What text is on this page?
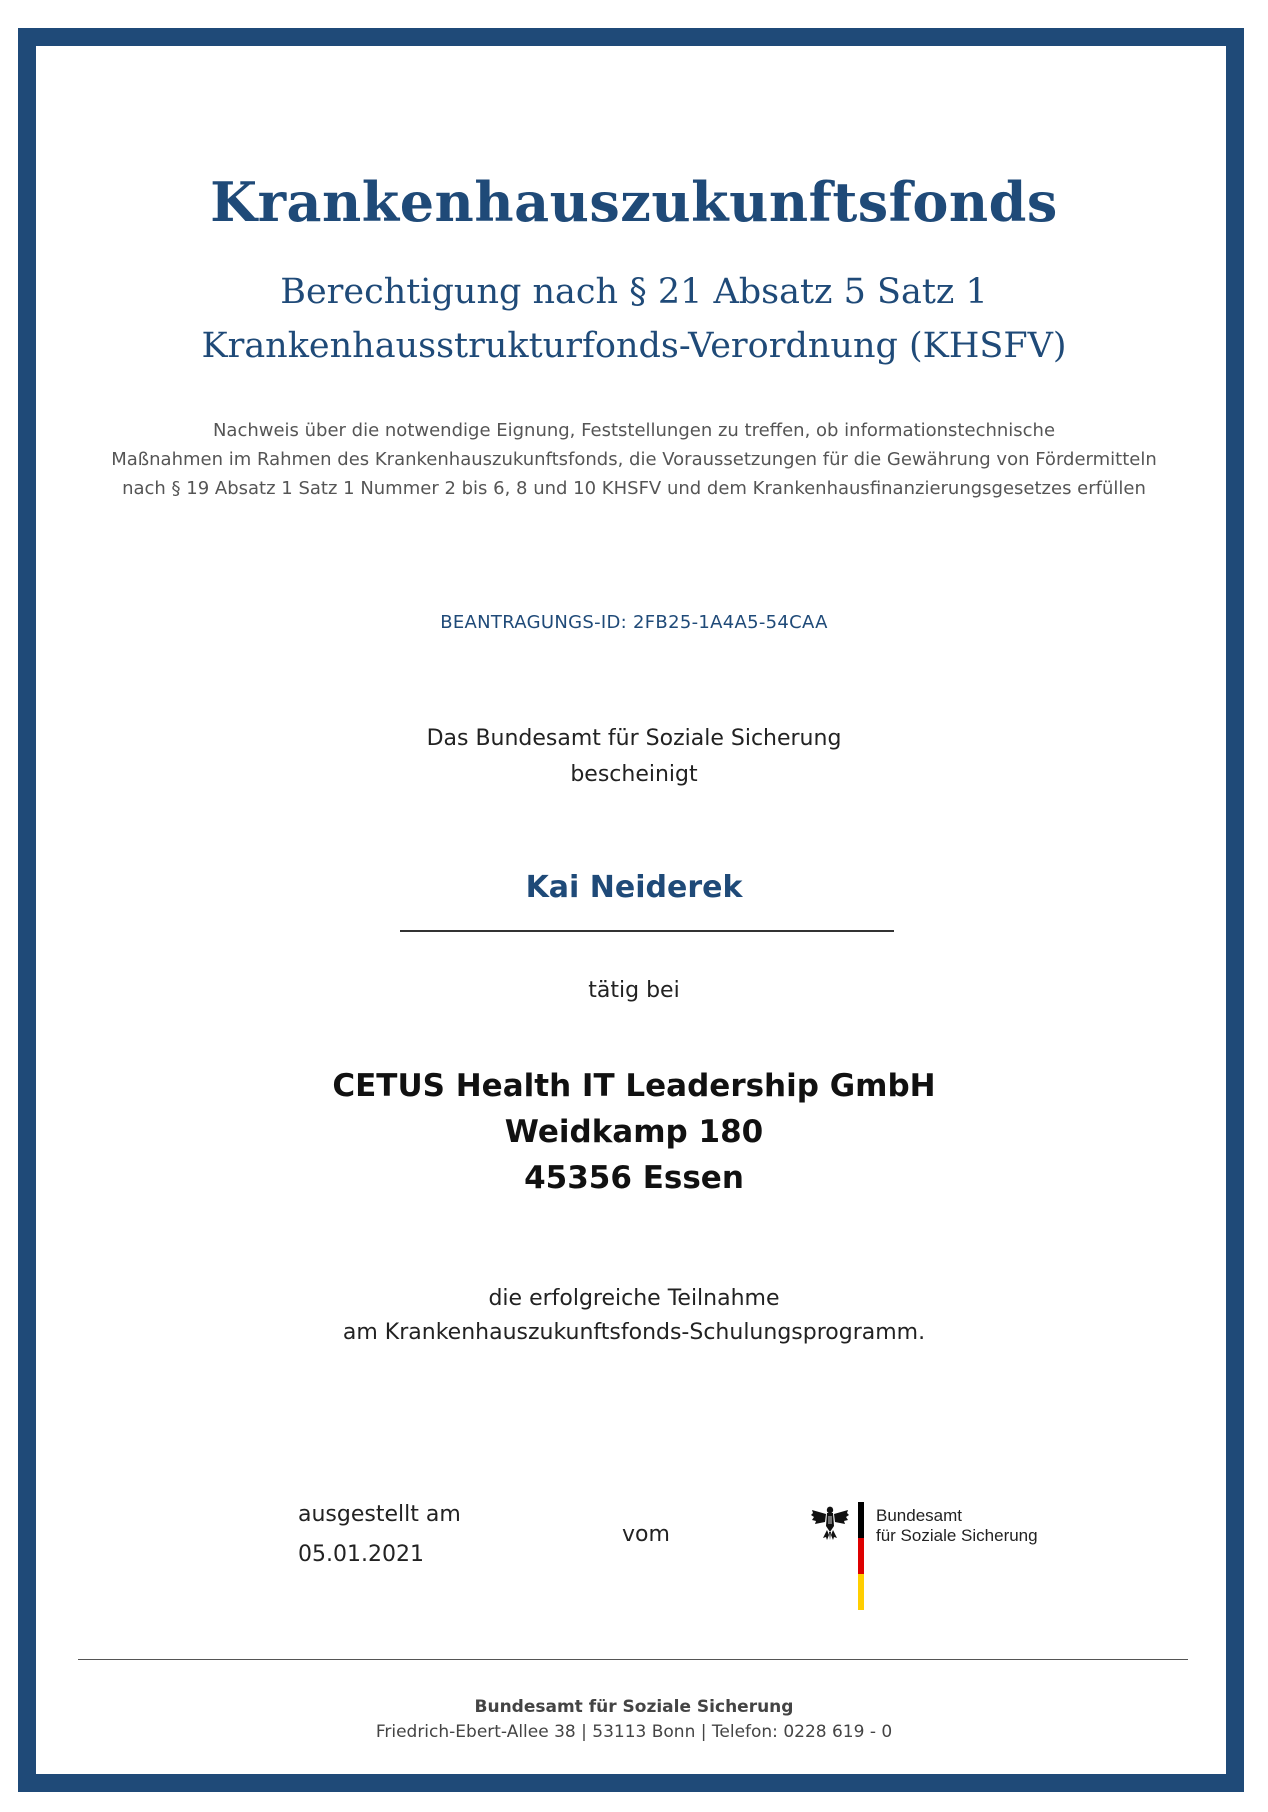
Krankenhauszukunftsfonds
Berechtigung nach § 21 Absatz 5 Satz 1
Krankenhausstrukturfonds-Verordnung (KHSFV)
Nachweis über die notwendige Eignung, Feststellungen zu treffen, ob informationstechnische
Maßnahmen im Rahmen des Krankenhauszukunftsfonds, die Voraussetzungen für die Gewährung von Fördermitteln
nach § 19 Absatz 1 Satz 1 Nummer 2 bis 6, 8 und 10 KHSFV und dem Krankenhausfinanzierungsgesetzes erfüllen
BEANTRAGUNGS-ID: 2FB25-1A4A5-54CAA
Das Bundesamt für Soziale Sicherung
bescheinigt
Kai Neiderek
tätig bei
CETUS Health IT Leadership GmbH
Weidkamp 180
45356 Essen
die erfolgreiche Teilnahme
am Krankenhauszukunftsfonds-Schulungsprogramm.
ausgestellt am
05.01.2021
vom
Bundesamt
für Soziale Sicherung
Bundesamt für Soziale Sicherung
Friedrich-Ebert-Allee 38 | 53113 Bonn | Telefon: 0228 619 - 0
